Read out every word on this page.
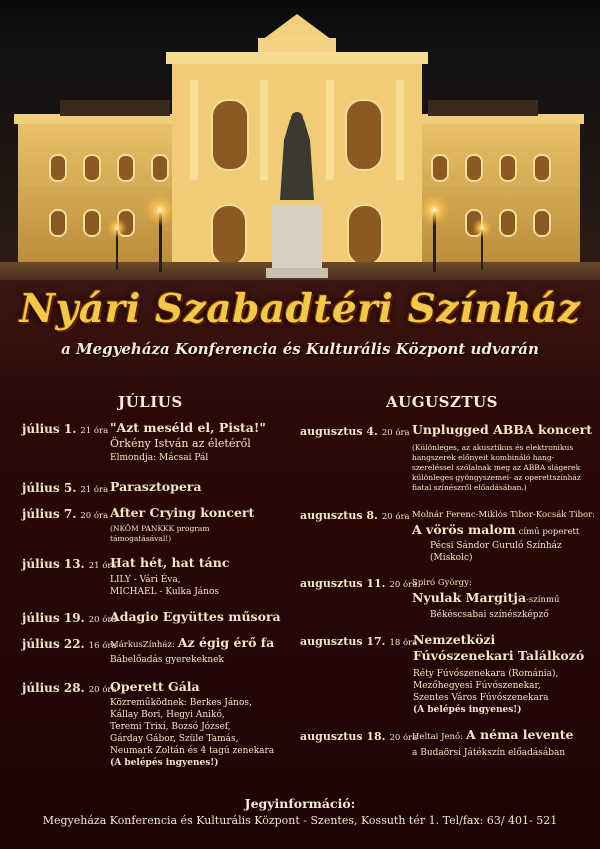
Nyári Szabadtéri Színház
a Megyeháza Konferencia és Kulturális Központ udvarán
JÚLIUS	AUGUSZTUS
július 1. 21 óra "Azt meséld el, Pista!"
Örkény István az életéről
Elmondja: Mácsai Pál
július 5. 21 óra Parasztopera
július 7. 20 óra After Crying koncert
(NKÖM PANKKK program
támogatásával!)
július 13. 21 óra
Hat hét, hat tánc
LILY - Vári Éva,
MICHAEL - Kulka János
július 19. 20 óra
Adagio Együttes műsora
július 22. 16 óra
MárkusZínház: Az égig érő fa
Bábelőadás gyerekeknek
július 28. 20 óra
Operett Gála
Közreműködnek: Berkes János,
Kállay Bori, Hegyi Anikó,
Teremi Trixi, Bozsó József,
Gárday Gábor, Szüle Tamás,
Neumark Zoltán és 4 tagú zenekara
(A belépés ingyenes!)
augusztus 4. 20 óra Unplugged ABBA koncert
(Különleges, az akusztikus és elektronikus
hangszerek előnyeit kombináló hang-
szereléssel szólalnak meg az ABBA slágerek
különleges gyöngyszemei- az operettszínház
fiatal színészről előadásában.)
augusztus 8. 20 óra Molnár Ferenc-Miklós Tibor-Kocsák Tibor:
A vörös malom című poperett
Pécsi Sándor Guruló Színház
(Miskolc)
augusztus 11. 20 óra
Spiró György:
Nyulak Margitja-színmű
Békéscsabai színészképző
augusztus 17. 18 óra
Nemzetközi
Fúvószenekari Találkozó
Réty Fúvószenekara (Románia),
Mezőhegyesi Fúvószenekar,
Szentes Város Fúvószenekara
(A belépés ingyenes!)
augusztus 18. 20 óra
Heltai Jenő: A néma levente
a Budaörsi Játékszín előadásában
Jegyinformáció:
Megyeháza Konferencia és Kulturális Központ - Szentes, Kossuth tér 1. Tel/fax: 63/ 401- 521
